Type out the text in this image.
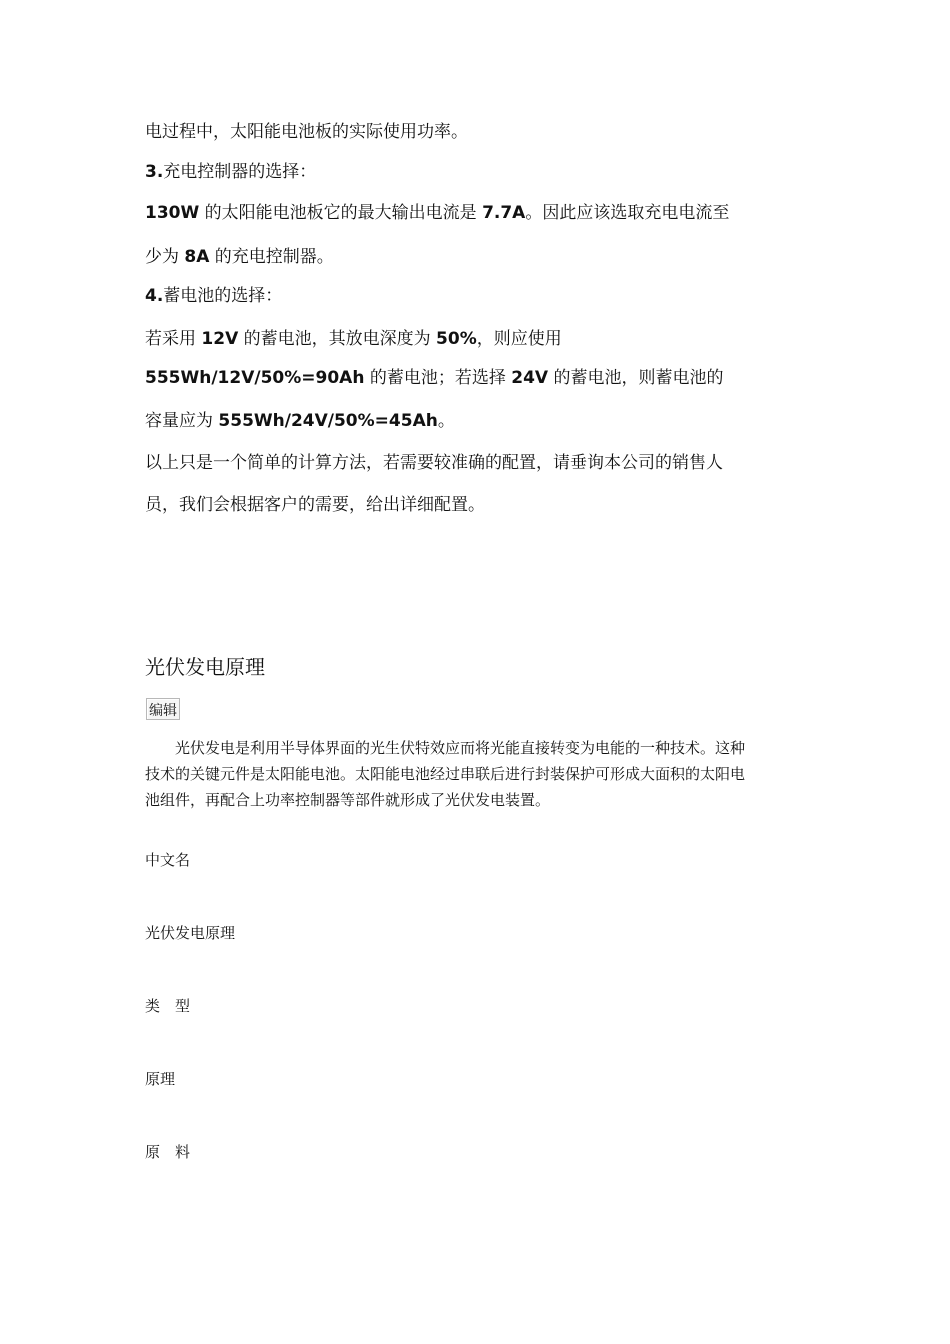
电过程中，太阳能电池板的实际使用功率。
3.充电控制器的选择：
130W 的太阳能电池板它的最大输出电流是 7.7A。因此应该选取充电电流至
少为 8A 的充电控制器。
4.蓄电池的选择：
若采用 12V 的蓄电池，其放电深度为 50%，则应使用
555Wh/12V/50%=90Ah 的蓄电池；若选择 24V 的蓄电池，则蓄电池的
容量应为 555Wh/24V/50%=45Ah。
以上只是一个简单的计算方法，若需要较准确的配置，请垂询本公司的销售人
员，我们会根据客户的需要，给出详细配置。
光伏发电原理
编辑
　　光伏发电是利用半导体界面的光生伏特效应而将光能直接转变为电能的一种技术。这种
技术的关键元件是太阳能电池。太阳能电池经过串联后进行封装保护可形成大面积的太阳电
池组件，再配合上功率控制器等部件就形成了光伏发电装置。
中文名
光伏发电原理
类　型
原理
原　料
